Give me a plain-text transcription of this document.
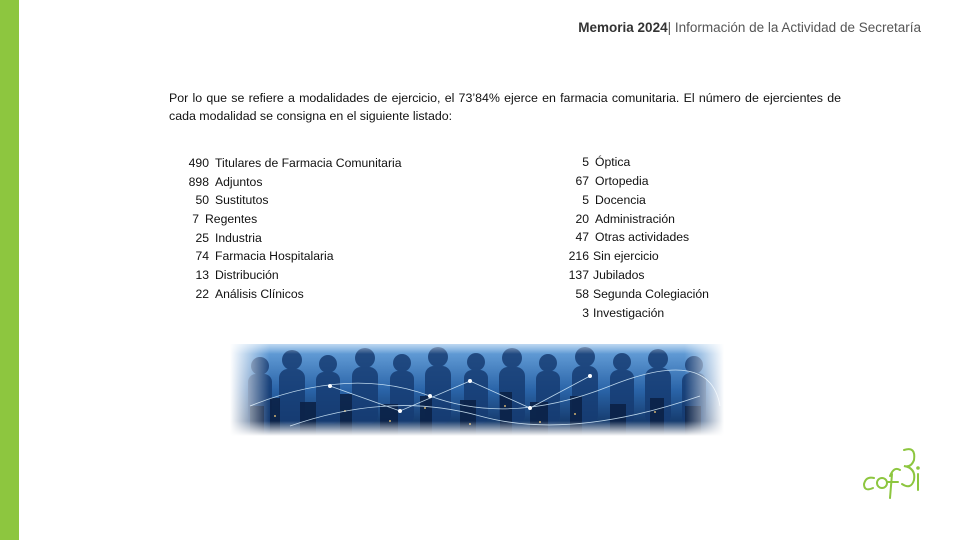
Memoria 2024| Información de la Actividad de Secretaría
Por lo que se refiere a modalidades de ejercicio, el 73’84% ejerce en farmacia comunitaria. El número de ejercientes de cada modalidad se consigna en el siguiente listado:
490 Titulares de Farmacia Comunitaria
898 Adjuntos
50 Sustitutos
7 Regentes
25 Industria
74 Farmacia Hospitalaria
13 Distribución
22 Análisis Clínicos
5 Óptica
67 Ortopedia
5 Docencia
20 Administración
47 Otras actividades
216 Sin ejercicio
137 Jubilados
58 Segunda Colegiación
3 Investigación
